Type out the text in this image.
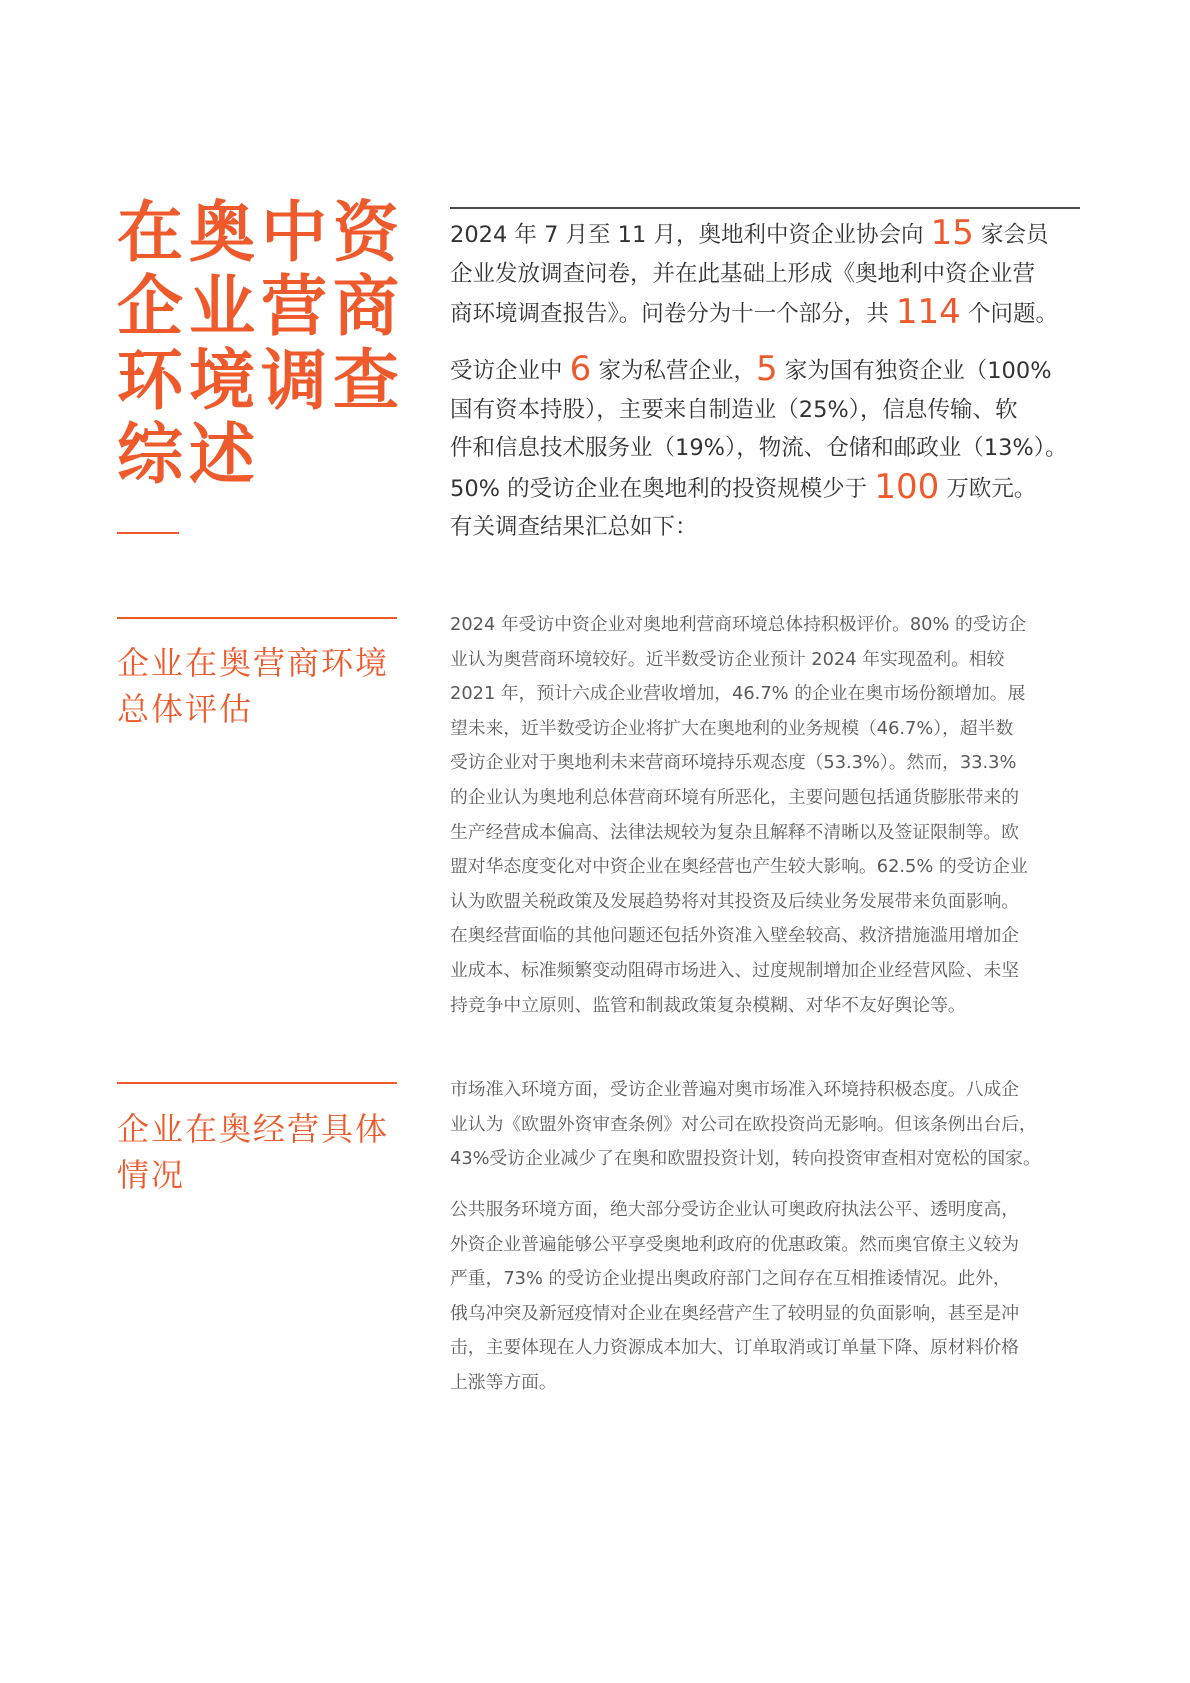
在奥中资
企业营商
环境调查
综述

2024 年 7 月至 11 月，奥地利中资企业协会向 15 家会员
企业发放调查问卷，并在此基础上形成《奥地利中资企业营
商环境调查报告》。问卷分为十一个部分，共 114 个问题。

受访企业中 6 家为私营企业，5 家为国有独资企业（100%
国有资本持股），主要来自制造业（25%），信息传输、软
件和信息技术服务业（19%），物流、仓储和邮政业（13%）。
50% 的受访企业在奥地利的投资规模少于 100 万欧元。
有关调查结果汇总如下：

企业在奥营商环境
总体评估

2024 年受访中资企业对奥地利营商环境总体持积极评价。80% 的受访企
业认为奥营商环境较好。近半数受访企业预计 2024 年实现盈利。相较
2021 年，预计六成企业营收增加，46.7% 的企业在奥市场份额增加。展
望未来，近半数受访企业将扩大在奥地利的业务规模（46.7%），超半数
受访企业对于奥地利未来营商环境持乐观态度（53.3%）。然而，33.3%
的企业认为奥地利总体营商环境有所恶化，主要问题包括通货膨胀带来的
生产经营成本偏高、法律法规较为复杂且解释不清晰以及签证限制等。欧
盟对华态度变化对中资企业在奥经营也产生较大影响。62.5% 的受访企业
认为欧盟关税政策及发展趋势将对其投资及后续业务发展带来负面影响。
在奥经营面临的其他问题还包括外资准入壁垒较高、救济措施滥用增加企
业成本、标准频繁变动阻碍市场进入、过度规制增加企业经营风险、未坚
持竞争中立原则、监管和制裁政策复杂模糊、对华不友好舆论等。

企业在奥经营具体
情况

市场准入环境方面，受访企业普遍对奥市场准入环境持积极态度。八成企
业认为《欧盟外资审查条例》对公司在欧投资尚无影响。但该条例出台后，
43%受访企业减少了在奥和欧盟投资计划，转向投资审查相对宽松的国家。

公共服务环境方面，绝大部分受访企业认可奥政府执法公平、透明度高，
外资企业普遍能够公平享受奥地利政府的优惠政策。然而奥官僚主义较为
严重，73% 的受访企业提出奥政府部门之间存在互相推诿情况。此外，
俄乌冲突及新冠疫情对企业在奥经营产生了较明显的负面影响，甚至是冲
击，主要体现在人力资源成本加大、订单取消或订单量下降、原材料价格
上涨等方面。
